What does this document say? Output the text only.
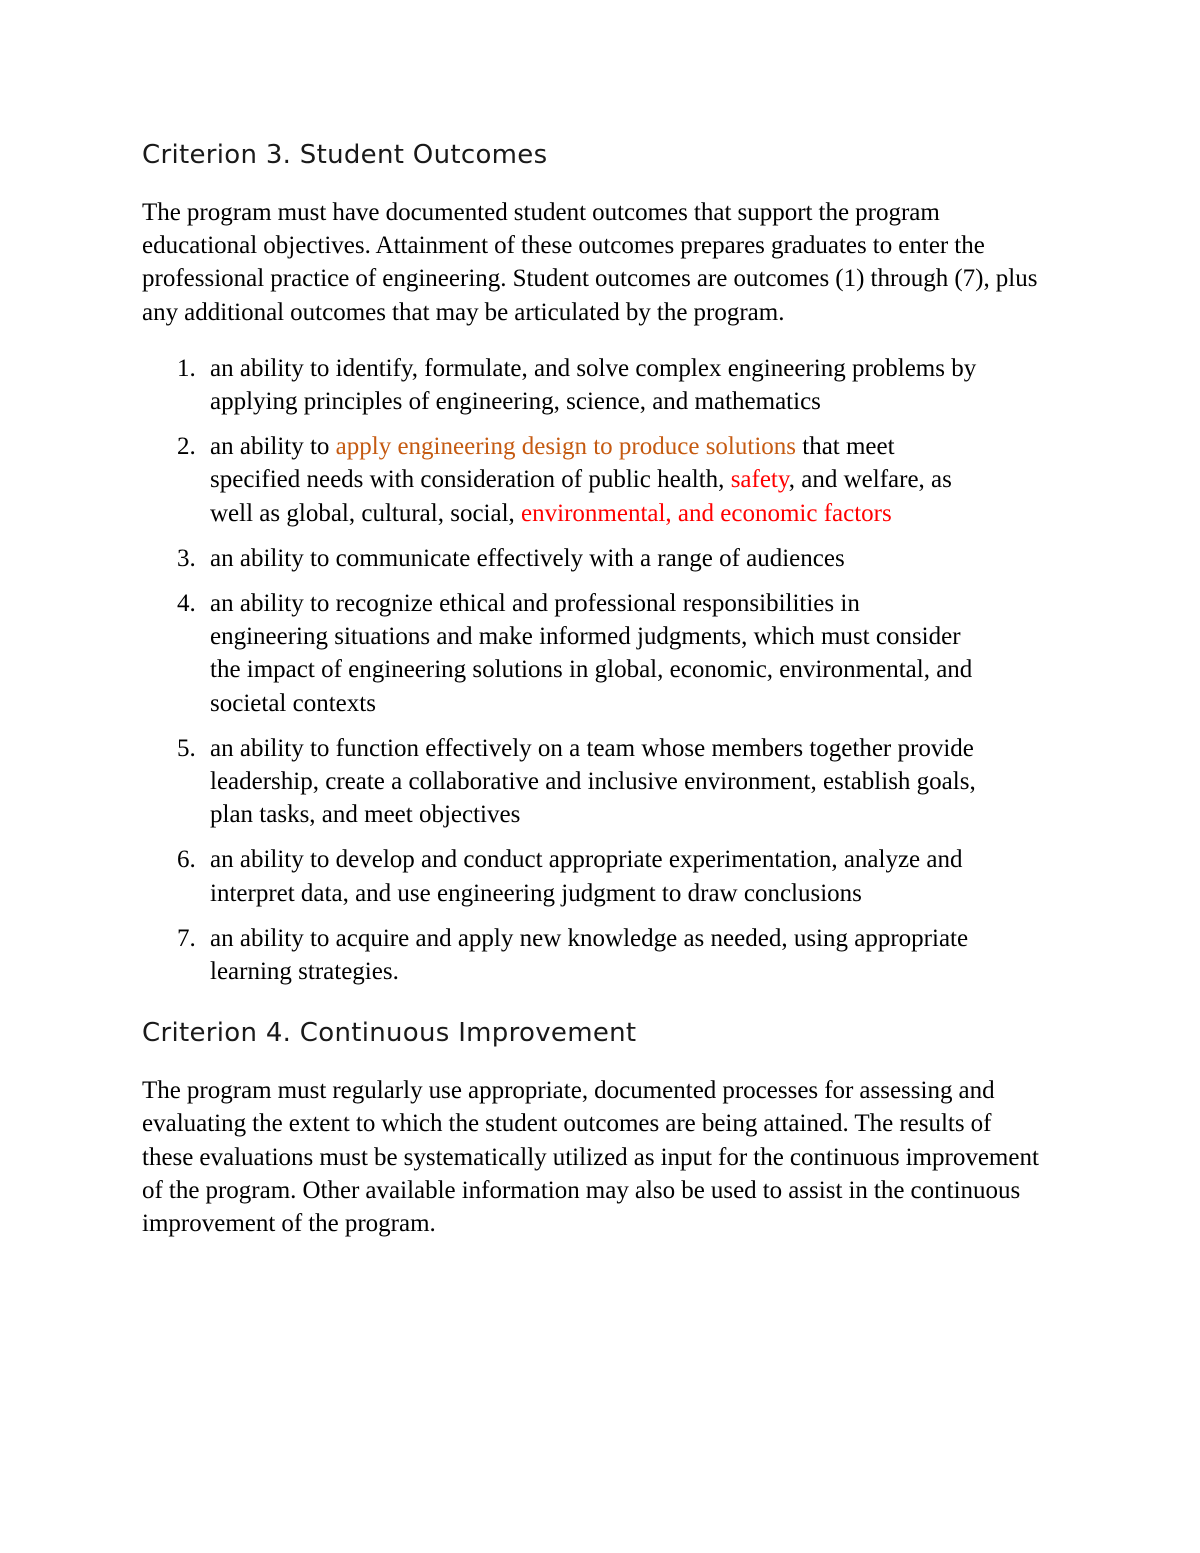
Criterion 3. Student Outcomes

The program must have documented student outcomes that support the program educational objectives. Attainment of these outcomes prepares graduates to enter the professional practice of engineering. Student outcomes are outcomes (1) through (7), plus any additional outcomes that may be articulated by the program.

1. an ability to identify, formulate, and solve complex engineering problems by applying principles of engineering, science, and mathematics
2. an ability to apply engineering design to produce solutions that meet specified needs with consideration of public health, safety, and welfare, as well as global, cultural, social, environmental, and economic factors
3. an ability to communicate effectively with a range of audiences
4. an ability to recognize ethical and professional responsibilities in engineering situations and make informed judgments, which must consider the impact of engineering solutions in global, economic, environmental, and societal contexts
5. an ability to function effectively on a team whose members together provide leadership, create a collaborative and inclusive environment, establish goals, plan tasks, and meet objectives
6. an ability to develop and conduct appropriate experimentation, analyze and interpret data, and use engineering judgment to draw conclusions
7. an ability to acquire and apply new knowledge as needed, using appropriate learning strategies.
Criterion 4. Continuous Improvement

The program must regularly use appropriate, documented processes for assessing and evaluating the extent to which the student outcomes are being attained. The results of these evaluations must be systematically utilized as input for the continuous improvement of the program. Other available information may also be used to assist in the continuous improvement of the program.
